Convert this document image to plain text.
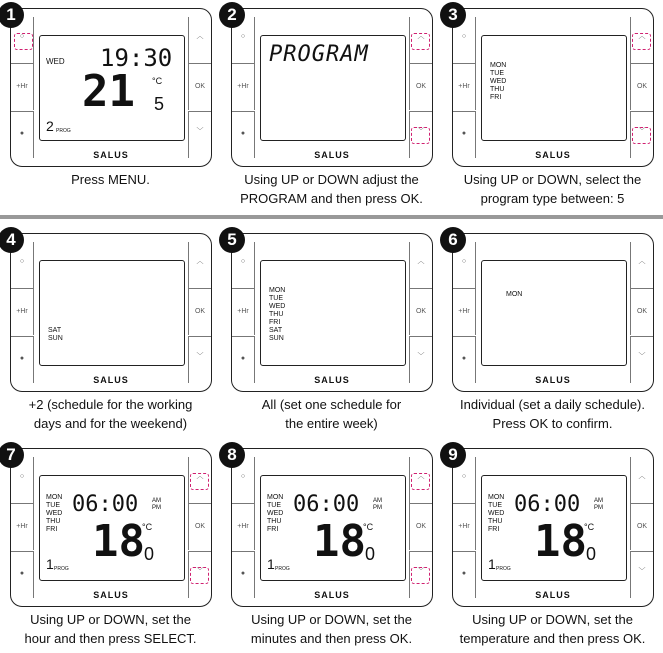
1
○
+Hr
●
︿
OK
﹀
19:30
WED
21 5
°C
2 PROG
SALUS
Press MENU.
2
○
+Hr
●
︿
OK
﹀
PROGRAM
SALUS
Using UP or DOWN adjust the
PROGRAM and then press OK.
3
○
+Hr
●
︿
OK
﹀
MON
TUE
WED
THU
FRI
SALUS
Using UP or DOWN, select the
program type between: 5
4
○
+Hr
●
︿
OK
﹀
SAT
SUN
SALUS
+2 (schedule for the working
days and for the weekend)
5
○
+Hr
●
︿
OK
﹀
MON
TUE
WED
THU
FRI
SAT
SUN
SALUS
All (set one schedule for
the entire week)
6
○
+Hr
●
︿
OK
﹀
MON
SALUS
Individual (set a daily schedule).
Press OK to confirm.
7
○
+Hr
●
︿
OK
﹀
MON
TUE
WED
THU
FRI
06:00 AM
PM
18 0
°C
1 PROG
SALUS
Using UP or DOWN, set the
hour and then press SELECT.
8
○
+Hr
●
︿
OK
﹀
MON
TUE
WED
THU
FRI
06:00 AM
PM
18 0
°C
1 PROG
SALUS
Using UP or DOWN, set the
minutes and then press OK.
9
○
+Hr
●
︿
OK
﹀
MON
TUE
WED
THU
FRI
06:00 AM
PM
18 0
°C
1 PROG
SALUS
Using UP or DOWN, set the
temperature and then press OK.
